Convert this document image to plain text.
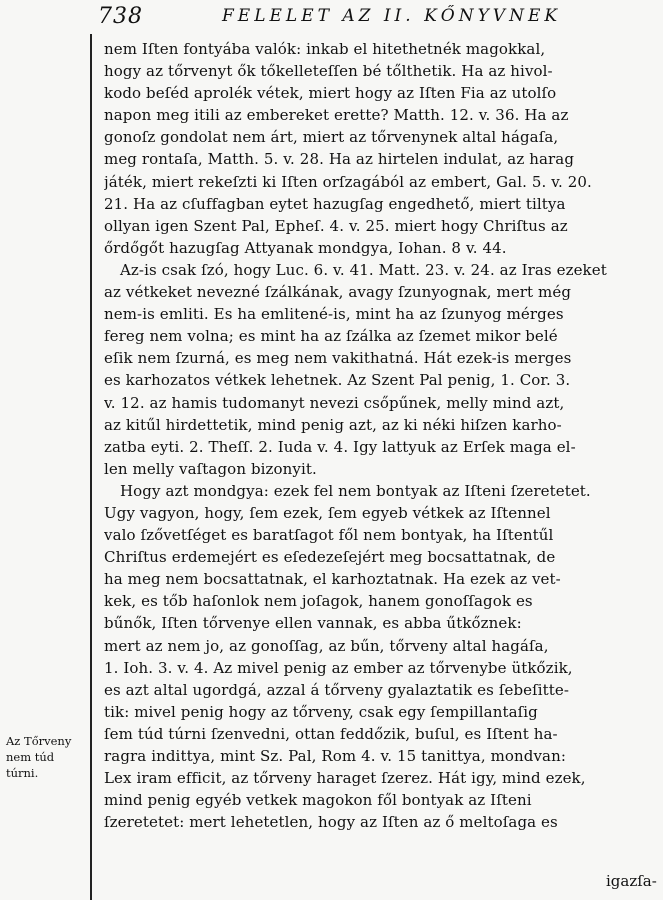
738	FELELET AZ II. KŐNYVNEK
nem Iſten fontyába valók: inkab el hitethetnék magokkal,
hogy az tőrvenyt ők tőkelleteſſen bé tőlthetik. Ha az hivol-
kodo beſéd aprolék vétek, miert hogy az Iſten Fia az utolſo
napon meg itili az embereket erette? Matth. 12. v. 36. Ha az
gonoſz gondolat nem árt, miert az tőrvenynek altal hágaſa,
meg rontaſa, Matth. 5. v. 28. Ha az hirtelen indulat, az harag
játék, miert rekeſzti ki Iſten orſzagából az embert, Gal. 5. v. 20.
21. Ha az cſuffagban eytet hazugſag engedhető, miert tiltya
ollyan igen Szent Pal, Epheſ. 4. v. 25. miert hogy Chriſtus az
őrdőgőt hazugſag Attyanak mondgya, Iohan. 8 v. 44.
Az-is csak ſzó, hogy Luc. 6. v. 41. Matt. 23. v. 24. az Iras ezeket
az vétkeket nevezné ſzálkának, avagy ſzunyognak, mert még
nem-is emliti. Es ha emlitené-is, mint ha az ſzunyog mérges
fereg nem volna; es mint ha az ſzálka az ſzemet mikor belé
eſik nem ſzurná, es meg nem vakithatná. Hát ezek-is merges
es karhozatos vétkek lehetnek. Az Szent Pal penig, 1. Cor. 3.
v. 12. az hamis tudomanyt nevezi csőpűnek, melly mind azt,
az kitűl hirdettetik, mind penig azt, az ki néki hiſzen karho-
zatba eyti. 2. Theſſ. 2. Iuda v. 4. Igy lattyuk az Erſek maga el-
len melly vaſtagon bizonyit.
Hogy azt mondgya: ezek fel nem bontyak az Iſteni ſzeretetet.
Ugy vagyon, hogy, ſem ezek, ſem egyeb vétkek az Iſtennel
valo ſzővetſéget es baratſagot fől nem bontyak, ha Iſtentűl
Chriſtus erdemejért es eſedezeſejért meg bocsattatnak, de
ha meg nem bocsattatnak, el karhoztatnak. Ha ezek az vet-
kek, es tőb haſonlok nem joſagok, hanem gonoſſagok es
bűnők, Iſten tőrvenye ellen vannak, es abba űtkőznek:
mert az nem jo, az gonoſſag, az bűn, tőrveny altal hagáſa,
1. Ioh. 3. v. 4. Az mivel penig az ember az tőrvenybe ütkőzik,
es azt altal ugordgá, azzal á tőrveny gyalaztatik es ſebeſitte-
tik: mivel penig hogy az tőrveny, csak egy ſempillantaſig
ſem túd túrni ſzenvedni, ottan feddőzik, buſul, es Iſtent ha-
ragra indittya, mint Sz. Pal, Rom 4. v. 15 tanittya, mondvan:
Lex iram efficit, az tőrveny haraget ſzerez. Hát igy, mind ezek,
mind penig egyéb vetkek magokon fől bontyak az Iſteni
ſzeretetet: mert lehetetlen, hogy az Iſten az ő meltoſaga es
Az Tőrveny
nem túd
túrni.
igazſa-
